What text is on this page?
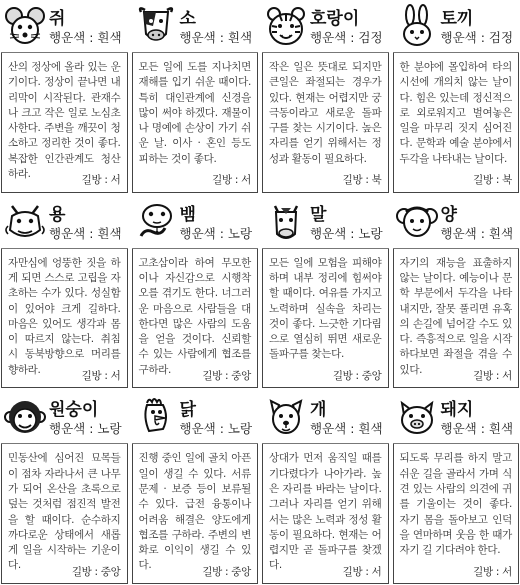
쥐
행운색 : 흰색
산의 정상에 올라 있는 운기이다. 정상이 끝나면 내리막이 시작된다. 관재수나 크고 작은 일로 노심초사한다. 주변을 깨끗이 청소하고 정리한 것이 좋다. 복잡한 인간관계도 청산하라.
길방 : 서
소
행운색 : 흰색
모든 일에 도를 지나치면 재해를 입기 쉬운 때이다. 특히 대인관계에 신경을 많이 써야 하겠다. 재물이나 명예에 손상이 가기 쉬운 날. 이사 · 혼인 등도 피하는 것이 좋다.
길방 : 서
호랑이
행운색 : 검정
작은 일은 뜻대로 되지만 큰일은 좌절되는 경우가 있다. 현재는 어렵지만 궁극동이라고 새로운 돌파구를 찾는 시기이다. 높은 자리를 얻기 위해서는 정성과 활동이 필요하다.
길방 : 북
토끼
행운색 : 검정
한 분야에 몰입하여 타의 시선에 개의치 않는 날이다. 힘은 있는데 정신적으로 외로워지고 벌여놓은 일을 마무리 짓지 심어진다. 문학과 예술 분야에서 두각을 나타내는 날이다.
길방 : 북
용
행운색 : 흰색
자만심에 엉뚱한 짓을 하게 되면 스스로 고립을 자초하는 수가 있다. 성실함이 있어야 크게 길하다. 마음은 있어도 생각과 몸이 따르지 않는다. 취침 시 동북방향으로 머리를 향하라.
길방 : 서
뱀
행운색 : 노랑
고초삼이라 하여 무모한 이나 자신감으로 시행착오를 겪기도 한다. 너그러운 마음으로 사람들을 대한다면 많은 사람의 도움을 얻을 것이다. 신뢰할 수 있는 사람에게 협조를 구하라.
길방 : 중앙
말
행운색 : 노랑
모든 일에 모험을 피해야 하며 내부 정리에 힘써야 할 때이다. 여유를 가지고 노력하며 실속을 차리는 것이 좋다. 느긋한 기다림으로 열심히 뛰면 새로운 돌파구를 찾는다.
길방 : 중앙
양
행운색 : 흰색
자기의 재능을 표출하지 않는 날이다. 예능이나 문학 부문에서 두각을 나타내지만, 잘못 풀리면 유혹의 손길에 넘어갈 수도 있다. 즉흥적으로 일을 시작하다보면 좌절을 겪을 수 있다.
길방 : 서
원숭이
행운색 : 노랑
민동산에 심어진 묘목들이 점차 자라나서 큰 나무가 되어 온산을 초록으로 덮는 것처럼 점진적 발전을 할 때이다. 순수하지 까다로운 상태에서 새롭게 일을 시작하는 기운이다.
길방 : 중앙
닭
행운색 : 노랑
진행 중인 일에 골치 아픈 일이 생길 수 있다. 서류문제 · 보증 등이 보류될 수 있다. 급전 융통이나 어려움 해결은 양도에게 협조를 구하라. 주변의 변화로 이익이 생길 수 있다.
길방 : 중앙
개
행운색 : 흰색
상대가 먼저 움직일 때를 기다렸다가 나아가라. 높은 자리를 바라는 날이다. 그러나 자리를 얻기 위해서는 많은 노력과 정성 활동이 필요하다. 현재는 어렵지만 곧 돌파구를 찾겠다.
길방 : 서
돼지
행운색 : 흰색
되도록 무리를 하지 말고 쉬운 길을 골라서 가며 식견 있는 사람의 의견에 귀를 기울이는 것이 좋다. 자기 몸을 돌아보고 인덕을 연마하며 웃음 한 때가 자기 길 기다려야 한다.
길방 : 서
